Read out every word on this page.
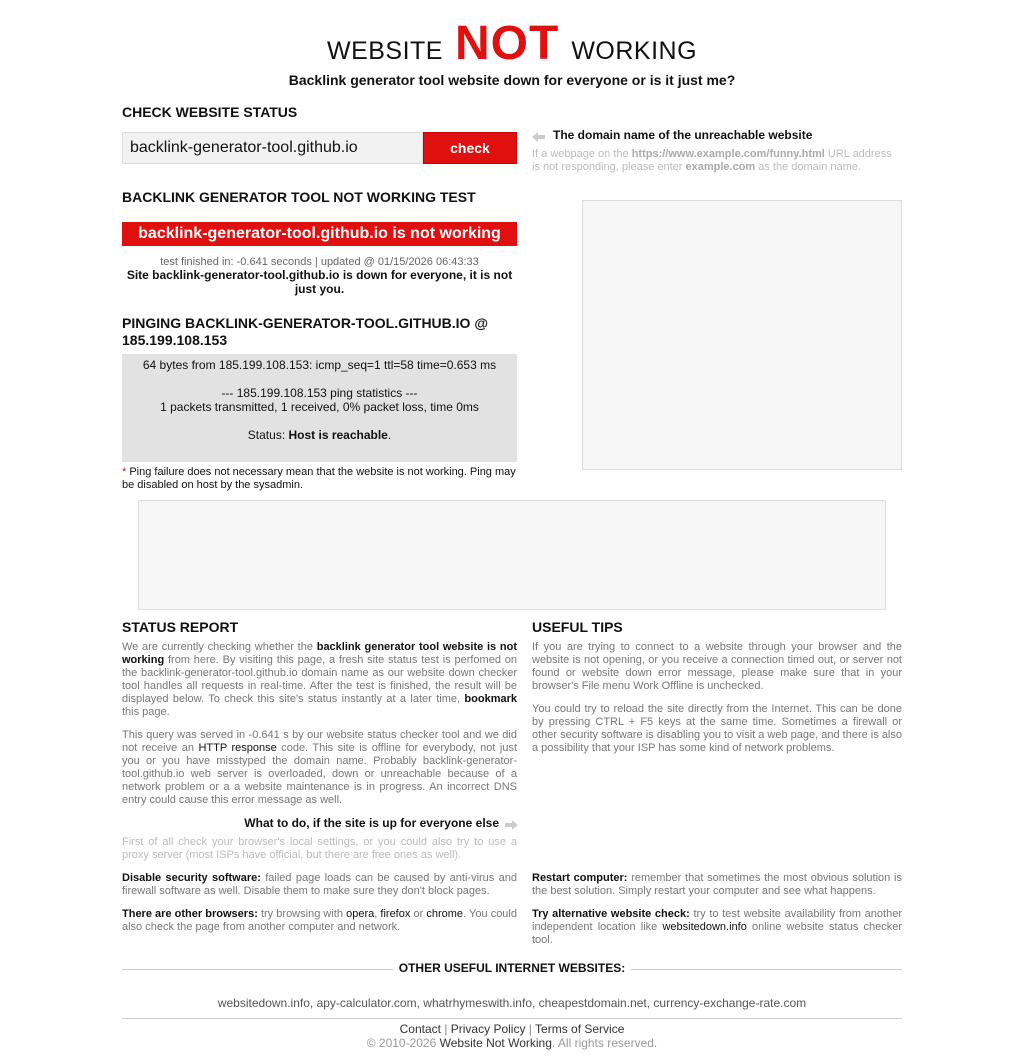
WEBSITE NOT WORKING
Backlink generator tool website down for everyone or is it just me?
CHECK WEBSITE STATUS
backlink-generator-tool.github.io
check
The domain name of the unreachable website
If a webpage on the https://www.example.com/funny.html URL address is not responding, please enter example.com as the domain name.
BACKLINK GENERATOR TOOL NOT WORKING TEST
backlink-generator-tool.github.io is not working
test finished in: -0.641 seconds | updated @ 01/15/2026 06:43:33
Site backlink-generator-tool.github.io is down for everyone, it is not just you.
PINGING BACKLINK-GENERATOR-TOOL.GITHUB.IO @ 185.199.108.153
64 bytes from 185.199.108.153: icmp_seq=1 ttl=58 time=0.653 ms
--- 185.199.108.153 ping statistics ---
1 packets transmitted, 1 received, 0% packet loss, time 0ms
Status: Host is reachable.
* Ping failure does not necessary mean that the website is not working. Ping may be disabled on host by the sysadmin.
STATUS REPORT
We are currently checking whether the backlink generator tool website is not working from here. By visiting this page, a fresh site status test is perfomed on the backlink-generator-tool.github.io domain name as our website down checker tool handles all requests in real-time. After the test is finished, the result will be displayed below. To check this site's status instantly at a later time, bookmark this page.
This query was served in -0.641 s by our website status checker tool and we did not receive an HTTP response code. This site is offline for everybody, not just you or you have misstyped the domain name. Probably backlink-generator-tool.github.io web server is overloaded, down or unreachable because of a network problem or a a website maintenance is in progress. An incorrect DNS entry could cause this error message as well.
USEFUL TIPS
If you are trying to connect to a website through your browser and the website is not opening, or you receive a connection timed out, or server not found or website down error message, please make sure that in your browser's File menu Work Offline is unchecked.
You could try to reload the site directly from the Internet. This can be done by pressing CTRL + F5 keys at the same time. Sometimes a firewall or other security software is disabling you to visit a web page, and there is also a possibility that your ISP has some kind of network problems.
What to do, if the site is up for everyone else
First of all check your browser's local settings, or you could also try to use a proxy server (most ISPs have official, but there are free ones as well).
Disable security software: failed page loads can be caused by anti-virus and firewall software as well. Disable them to make sure they don't block pages.
There are other browsers: try browsing with opera, firefox or chrome. You could also check the page from another computer and network.
Restart computer: remember that sometimes the most obvious solution is the best solution. Simply restart your computer and see what happens.
Try alternative website check: try to test website availability from another independent location like websitedown.info online website status checker tool.
OTHER USEFUL INTERNET WEBSITES:
websitedown.info, apy-calculator.com, whatrhymeswith.info, cheapestdomain.net, currency-exchange-rate.com
Contact | Privacy Policy | Terms of Service
© 2010-2026 Website Not Working. All rights reserved.
